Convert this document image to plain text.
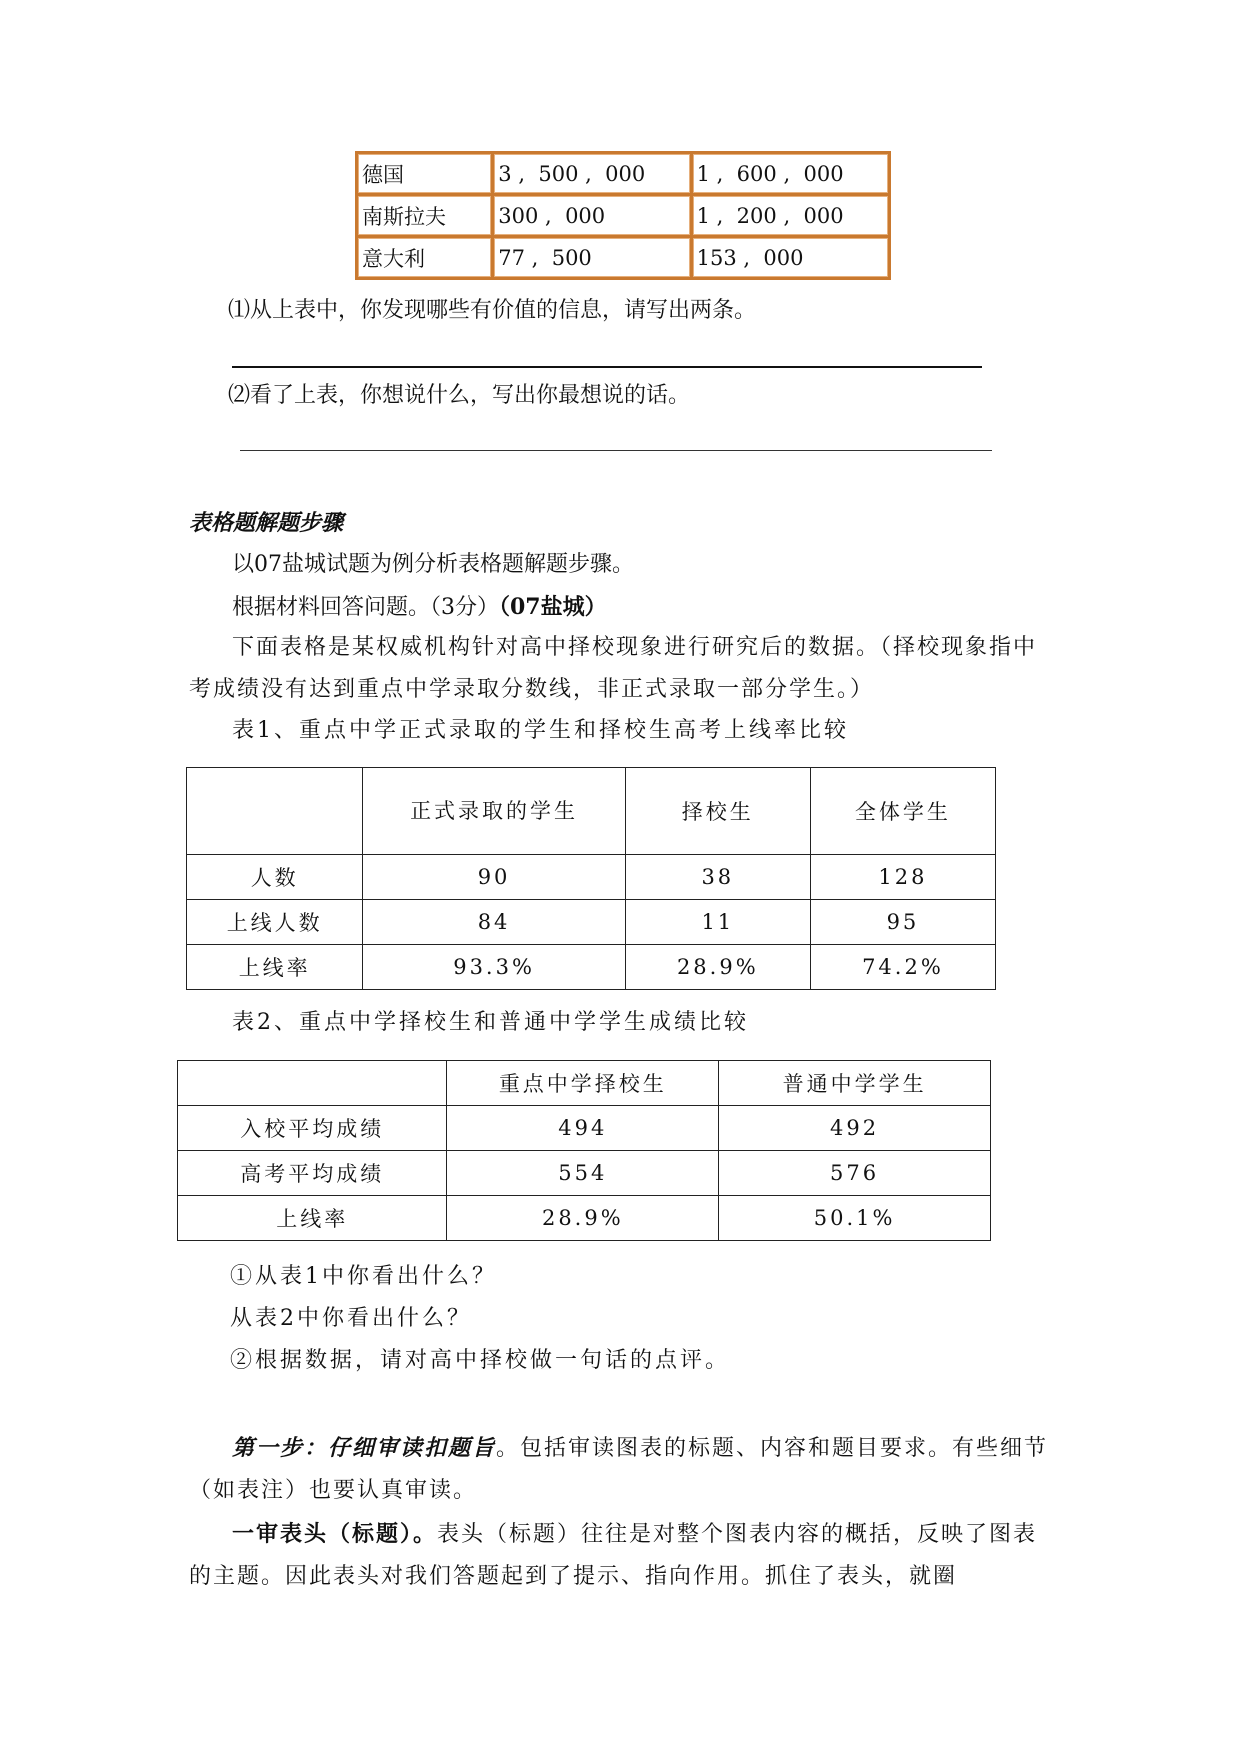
德国	3 ,  500 ,  000	1 ,  600 ,  000
南斯拉夫	300 ,  000	1 ,  200 ,  000
意大利	77 ,  500	153 ,  000
⑴从上表中，你发现哪些有价值的信息，请写出两条。
⑵看了上表，你想说什么，写出你最想说的话。
表格题解题步骤
以07盐城试题为例分析表格题解题步骤。
根据材料回答问题。（3分）（07盐城）
下面表格是某权威机构针对高中择校现象进行研究后的数据。（择校现象指中考成绩没有达到重点中学录取分数线，非正式录取一部分学生。）
表1、重点中学正式录取的学生和择校生高考上线率比较
	正式录取的学生	择校生	全体学生
人数	90	38	128
上线人数	84	11	95
上线率	93.3%	28.9%	74.2%
表2、重点中学择校生和普通中学学生成绩比较
	重点中学择校生	普通中学学生
入校平均成绩	494	492
高考平均成绩	554	576
上线率	28.9%	50.1%
①从表1中你看出什么？
从表2中你看出什么？
②根据数据，请对高中择校做一句话的点评。
第一步：仔细审读扣题旨。包括审读图表的标题、内容和题目要求。有些细节（如表注）也要认真审读。
一审表头（标题）。表头（标题）往往是对整个图表内容的概括，反映了图表的主题。因此表头对我们答题起到了提示、指向作用。抓住了表头，就圈
